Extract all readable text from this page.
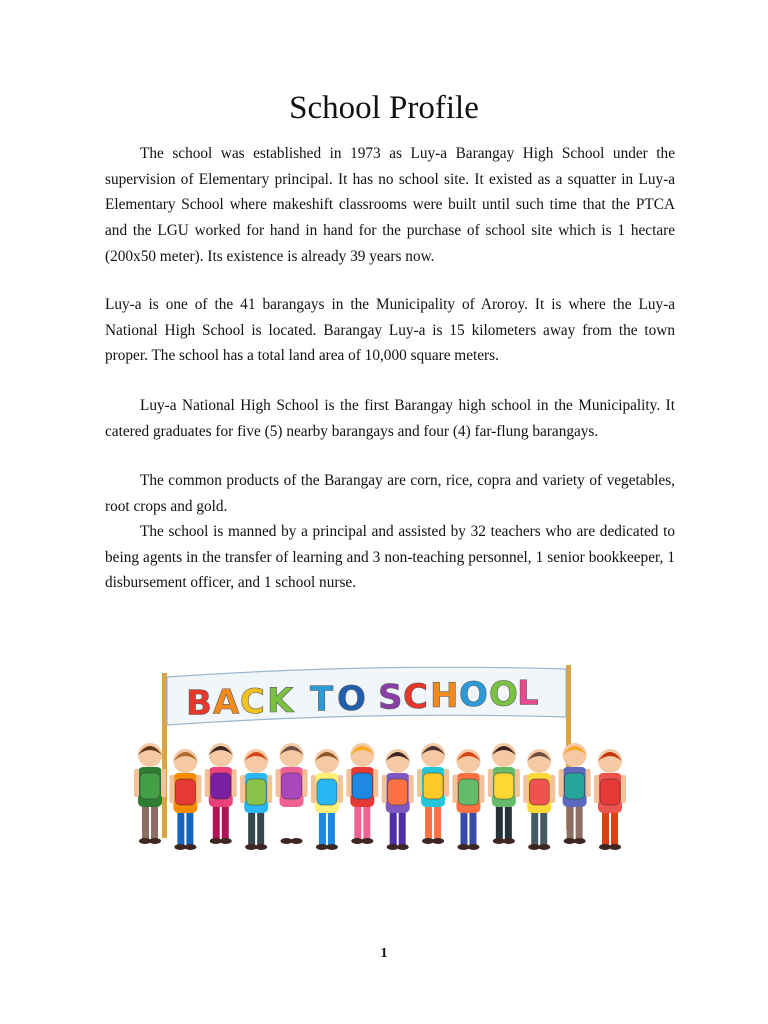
School Profile

The school was established in 1973 as Luy-a Barangay High School under the supervision of Elementary principal. It has no school site. It existed as a squatter in Luy-a Elementary School where makeshift classrooms were built until such time that the PTCA and the LGU worked for hand in hand for the purchase of school site which is 1 hectare (200x50 meter). Its existence is already 39 years now.

Luy-a is one of the 41 barangays in the Municipality of Aroroy. It is where the Luy-a National High School is located. Barangay Luy-a is 15 kilometers away from the town proper. The school has a total land area of 10,000 square meters.

Luy-a National High School is the first Barangay high school in the Municipality. It catered graduates for five (5) nearby barangays and four (4) far-flung barangays.

The common products of the Barangay are corn, rice, copra and variety of vegetables, root crops and gold.

The school is manned by a principal and assisted by 32 teachers who are dedicated to being agents in the transfer of learning and 3 non-teaching personnel, 1 senior bookkeeper, 1 disbursement officer, and 1 school nurse.

B A C K T O S C H O O L
1
